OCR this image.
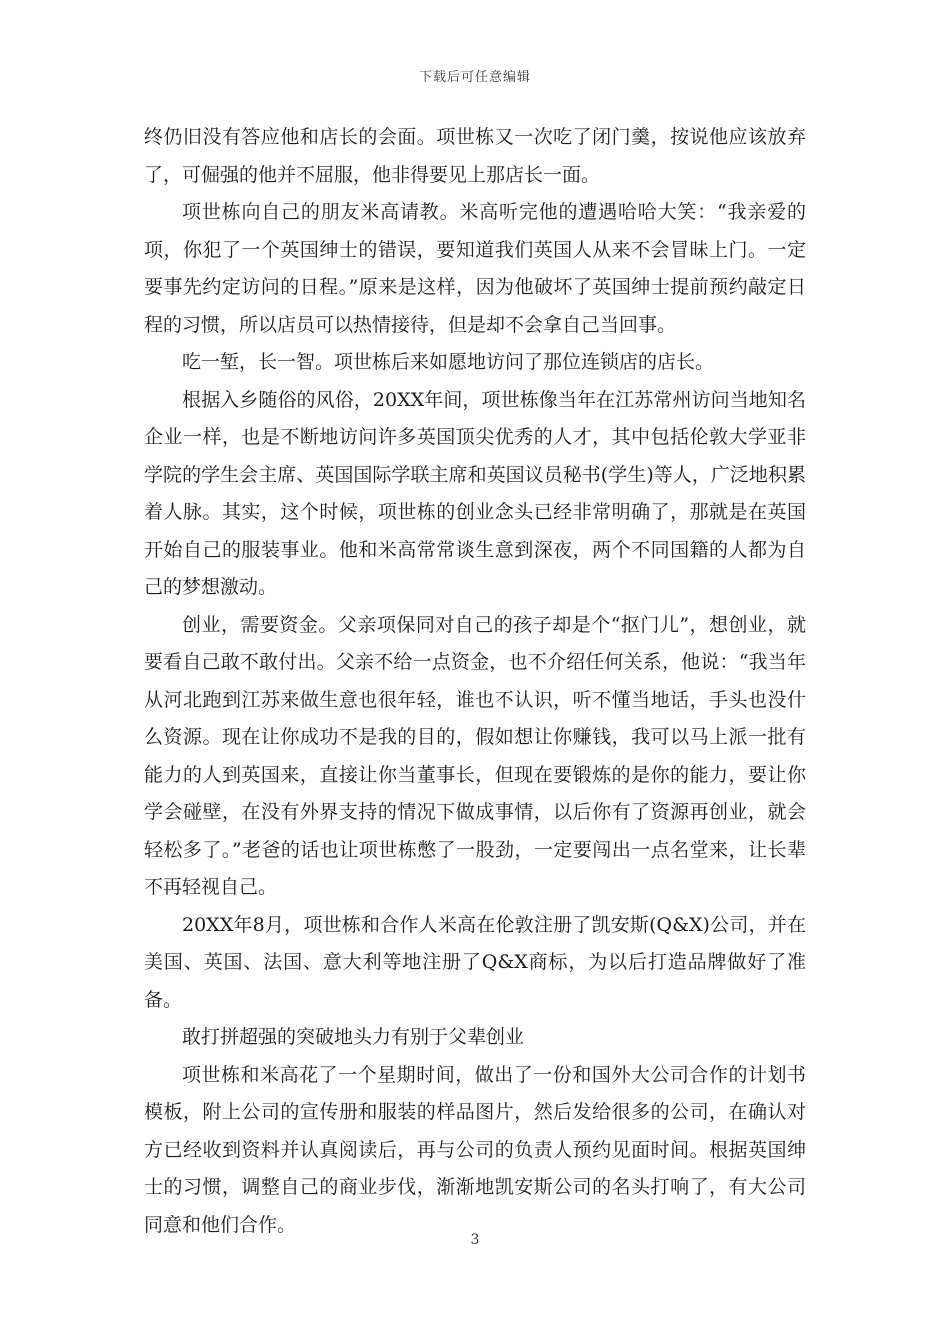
下载后可任意编辑

终仍旧没有答应他和店长的会面。项世栋又一次吃了闭门羹，按说他应该放弃了，可倔强的他并不屈服，他非得要见上那店长一面。

项世栋向自己的朋友米高请教。米高听完他的遭遇哈哈大笑：“我亲爱的项，你犯了一个英国绅士的错误，要知道我们英国人从来不会冒昧上门。一定要事先约定访问的日程。”原来是这样，因为他破坏了英国绅士提前预约敲定日程的习惯，所以店员可以热情接待，但是却不会拿自己当回事。

吃一堑，长一智。项世栋后来如愿地访问了那位连锁店的店长。

根据入乡随俗的风俗，20XX年间，项世栋像当年在江苏常州访问当地知名企业一样，也是不断地访问许多英国顶尖优秀的人才，其中包括伦敦大学亚非学院的学生会主席、英国国际学联主席和英国议员秘书(学生)等人，广泛地积累着人脉。其实，这个时候，项世栋的创业念头已经非常明确了，那就是在英国开始自己的服装事业。他和米高常常谈生意到深夜，两个不同国籍的人都为自己的梦想激动。

创业，需要资金。父亲项保同对自己的孩子却是个“抠门儿”，想创业，就要看自己敢不敢付出。父亲不给一点资金，也不介绍任何关系，他说：“我当年从河北跑到江苏来做生意也很年轻，谁也不认识，听不懂当地话，手头也没什么资源。现在让你成功不是我的目的，假如想让你赚钱，我可以马上派一批有能力的人到英国来，直接让你当董事长，但现在要锻炼的是你的能力，要让你学会碰壁，在没有外界支持的情况下做成事情，以后你有了资源再创业，就会轻松多了。”老爸的话也让项世栋憋了一股劲，一定要闯出一点名堂来，让长辈不再轻视自己。

20XX年8月，项世栋和合作人米高在伦敦注册了凯安斯(Q&X)公司，并在美国、英国、法国、意大利等地注册了Q&X商标，为以后打造品牌做好了准备。

敢打拼超强的突破地头力有别于父辈创业

项世栋和米高花了一个星期时间，做出了一份和国外大公司合作的计划书模板，附上公司的宣传册和服装的样品图片，然后发给很多的公司，在确认对方已经收到资料并认真阅读后，再与公司的负责人预约见面时间。根据英国绅士的习惯，调整自己的商业步伐，渐渐地凯安斯公司的名头打响了，有大公司同意和他们合作。

3
